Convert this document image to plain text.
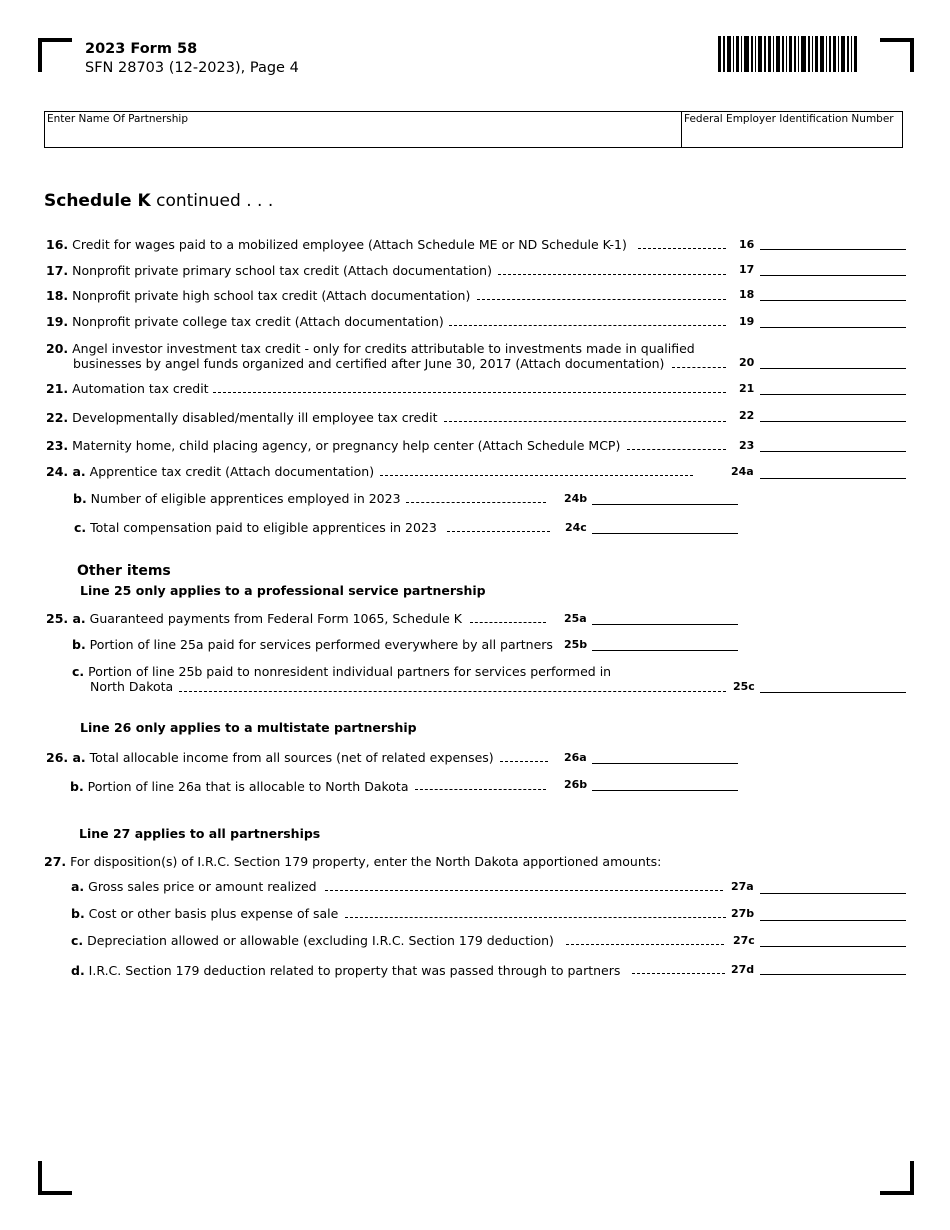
2023 Form 58
SFN 28703 (12-2023), Page 4
Enter Name Of Partnership	Federal Employer Identification Number
Schedule K continued . . .
16. Credit for wages paid to a mobilized employee (Attach Schedule ME or ND Schedule K-1)	16
17. Nonprofit private primary school tax credit (Attach documentation)	17
18. Nonprofit private high school tax credit (Attach documentation)	18
19. Nonprofit private college tax credit (Attach documentation)	19
20. Angel investor investment tax credit - only for credits attributable to investments made in qualified
businesses by angel funds organized and certified after June 30, 2017 (Attach documentation)	20
21. Automation tax credit	21
22. Developmentally disabled/mentally ill employee tax credit	22
23. Maternity home, child placing agency, or pregnancy help center (Attach Schedule MCP)	23
24. a. Apprentice tax credit (Attach documentation)	24a
b. Number of eligible apprentices employed in 2023	24b
c. Total compensation paid to eligible apprentices in 2023	24c
Other items
Line 25 only applies to a professional service partnership
25. a. Guaranteed payments from Federal Form 1065, Schedule K	25a
b. Portion of line 25a paid for services performed everywhere by all partners 25b
c. Portion of line 25b paid to nonresident individual partners for services performed in
North Dakota	25c
Line 26 only applies to a multistate partnership
26. a. Total allocable income from all sources (net of related expenses)	26a
b. Portion of line 26a that is allocable to North Dakota	26b
Line 27 applies to all partnerships
27. For disposition(s) of I.R.C. Section 179 property, enter the North Dakota apportioned amounts:
a. Gross sales price or amount realized	27a
b. Cost or other basis plus expense of sale	27b
c. Depreciation allowed or allowable (excluding I.R.C. Section 179 deduction)	27c
d. I.R.C. Section 179 deduction related to property that was passed through to partners	27d
